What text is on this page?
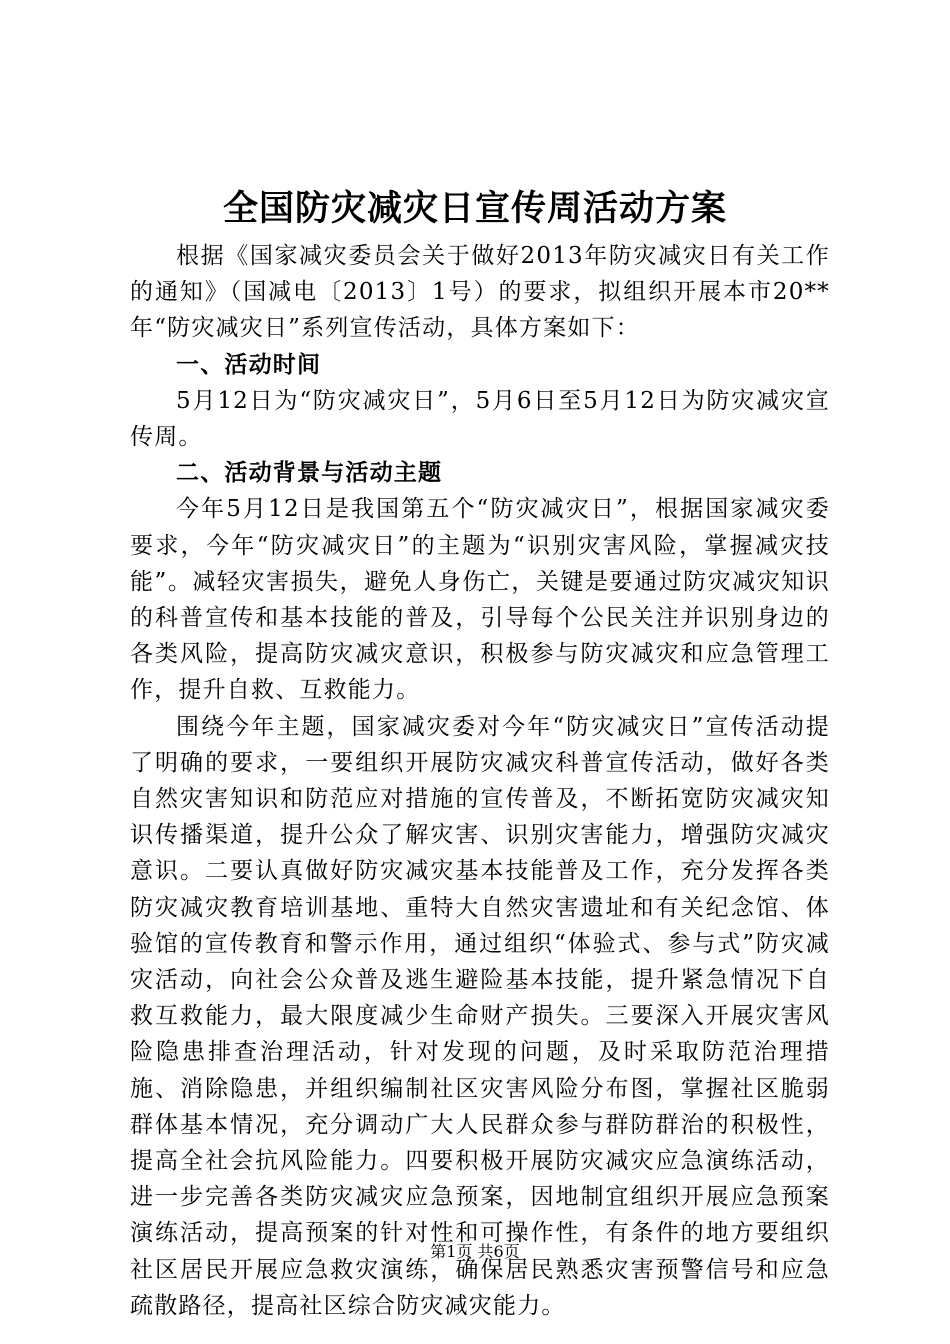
全国防灾减灾日宣传周活动方案

根据《国家减灾委员会关于做好2013年防灾减灾日有关工作的通知》（国减电〔2013〕1号）的要求，拟组织开展本市20**年“防灾减灾日”系列宣传活动，具体方案如下：

一、活动时间

5月12日为“防灾减灾日”，5月6日至5月12日为防灾减灾宣传周。

二、活动背景与活动主题

今年5月12日是我国第五个“防灾减灾日”，根据国家减灾委要求，今年“防灾减灾日”的主题为“识别灾害风险，掌握减灾技能”。减轻灾害损失，避免人身伤亡，关键是要通过防灾减灾知识的科普宣传和基本技能的普及，引导每个公民关注并识别身边的各类风险，提高防灾减灾意识，积极参与防灾减灾和应急管理工作，提升自救、互救能力。

围绕今年主题，国家减灾委对今年“防灾减灾日”宣传活动提了明确的要求，一要组织开展防灾减灾科普宣传活动，做好各类自然灾害知识和防范应对措施的宣传普及，不断拓宽防灾减灾知识传播渠道，提升公众了解灾害、识别灾害能力，增强防灾减灾意识。二要认真做好防灾减灾基本技能普及工作，充分发挥各类防灾减灾教育培训基地、重特大自然灾害遗址和有关纪念馆、体验馆的宣传教育和警示作用，通过组织“体验式、参与式”防灾减灾活动，向社会公众普及逃生避险基本技能，提升紧急情况下自救互救能力，最大限度减少生命财产损失。三要深入开展灾害风险隐患排查治理活动，针对发现的问题，及时采取防范治理措施、消除隐患，并组织编制社区灾害风险分布图，掌握社区脆弱群体基本情况，充分调动广大人民群众参与群防群治的积极性，提高全社会抗风险能力。四要积极开展防灾减灾应急演练活动，进一步完善各类防灾减灾应急预案，因地制宜组织开展应急预案演练活动，提高预案的针对性和可操作性，有条件的地方要组织社区居民开展应急救灾演练，确保居民熟悉灾害预警信号和应急疏散路径，提高社区综合防灾减灾能力。

第1页 共6页
